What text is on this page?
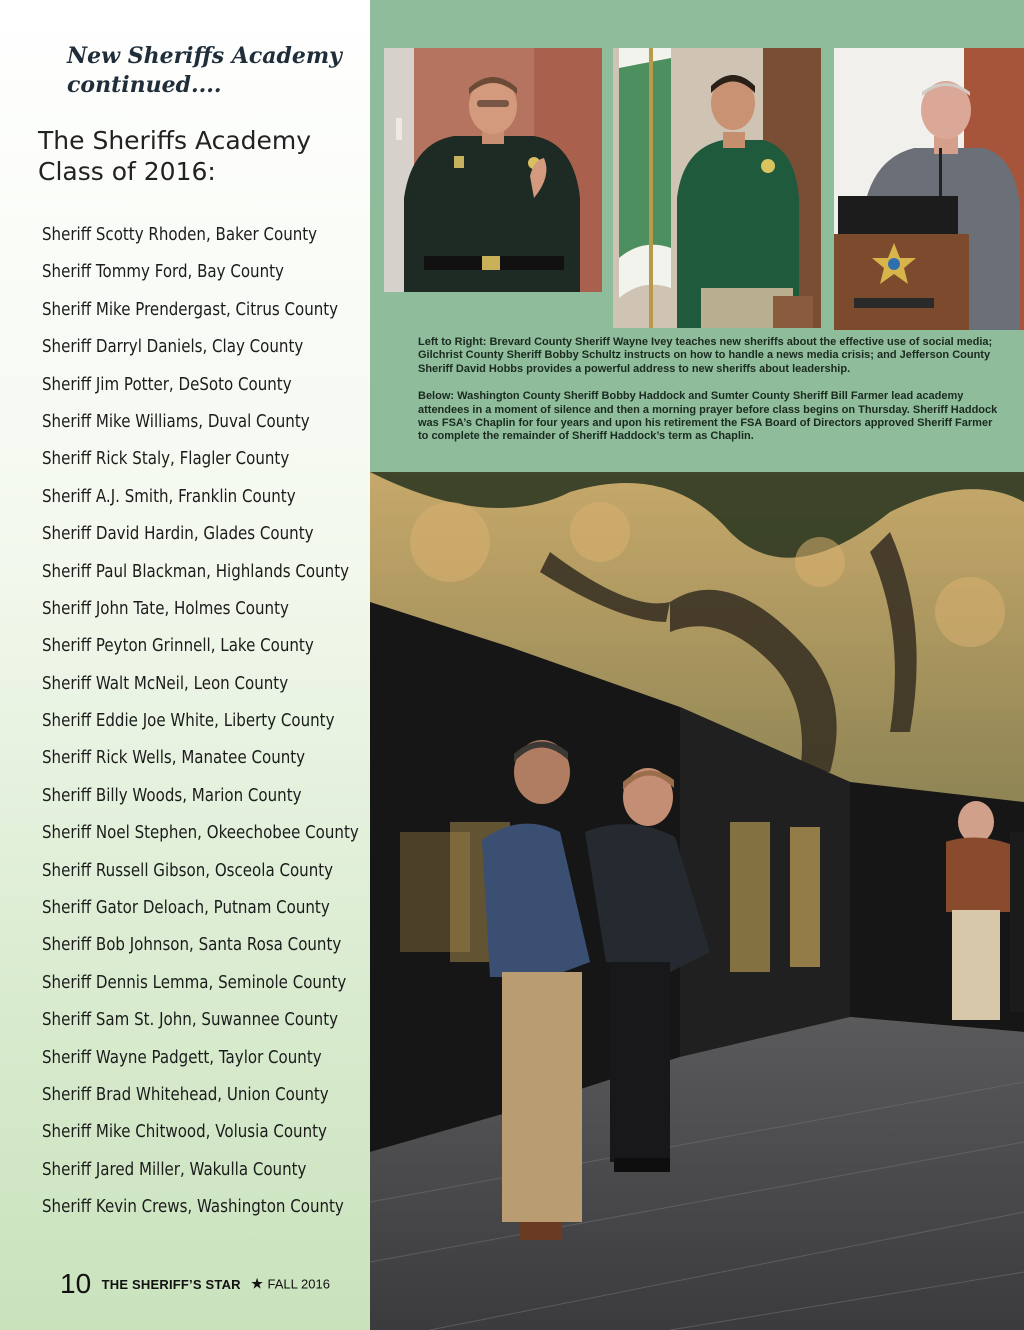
New Sheriffs Academy
continued....
The Sheriffs Academy
Class of 2016:
Sheriff Scotty Rhoden, Baker County
Sheriff Tommy Ford, Bay County
Sheriff Mike Prendergast, Citrus County
Sheriff Darryl Daniels, Clay County
Sheriff Jim Potter, DeSoto County
Sheriff Mike Williams, Duval County
Sheriff Rick Staly, Flagler County
Sheriff A.J. Smith, Franklin County
Sheriff David Hardin, Glades County
Sheriff Paul Blackman, Highlands County
Sheriff John Tate, Holmes County
Sheriff Peyton Grinnell, Lake County
Sheriff Walt McNeil, Leon County
Sheriff Eddie Joe White, Liberty County
Sheriff Rick Wells, Manatee County
Sheriff Billy Woods, Marion County
Sheriff Noel Stephen, Okeechobee County
Sheriff Russell Gibson, Osceola County
Sheriff Gator Deloach, Putnam County
Sheriff Bob Johnson, Santa Rosa County
Sheriff Dennis Lemma, Seminole County
Sheriff Sam St. John, Suwannee County
Sheriff Wayne Padgett, Taylor County
Sheriff Brad Whitehead, Union County
Sheriff Mike Chitwood, Volusia County
Sheriff Jared Miller, Wakulla County
Sheriff Kevin Crews, Washington County

Left to Right: Brevard County Sheriff Wayne Ivey teaches new sheriffs about the effective use of social media; Gilchrist County Sheriff Bobby Schultz instructs on how to handle a news media crisis; and Jefferson County Sheriff David Hobbs provides a powerful address to new sheriffs about leadership.

Below: Washington County Sheriff Bobby Haddock and Sumter County Sheriff Bill Farmer lead academy attendees in a moment of silence and then a morning prayer before class begins on Thursday. Sheriff Haddock was FSA’s Chaplin for four years and upon his retirement the FSA Board of Directors approved Sheriff Farmer to complete the remainder of Sheriff Haddock’s term as Chaplin.

10 THE SHERIFF’S STAR ★ FALL 2016
